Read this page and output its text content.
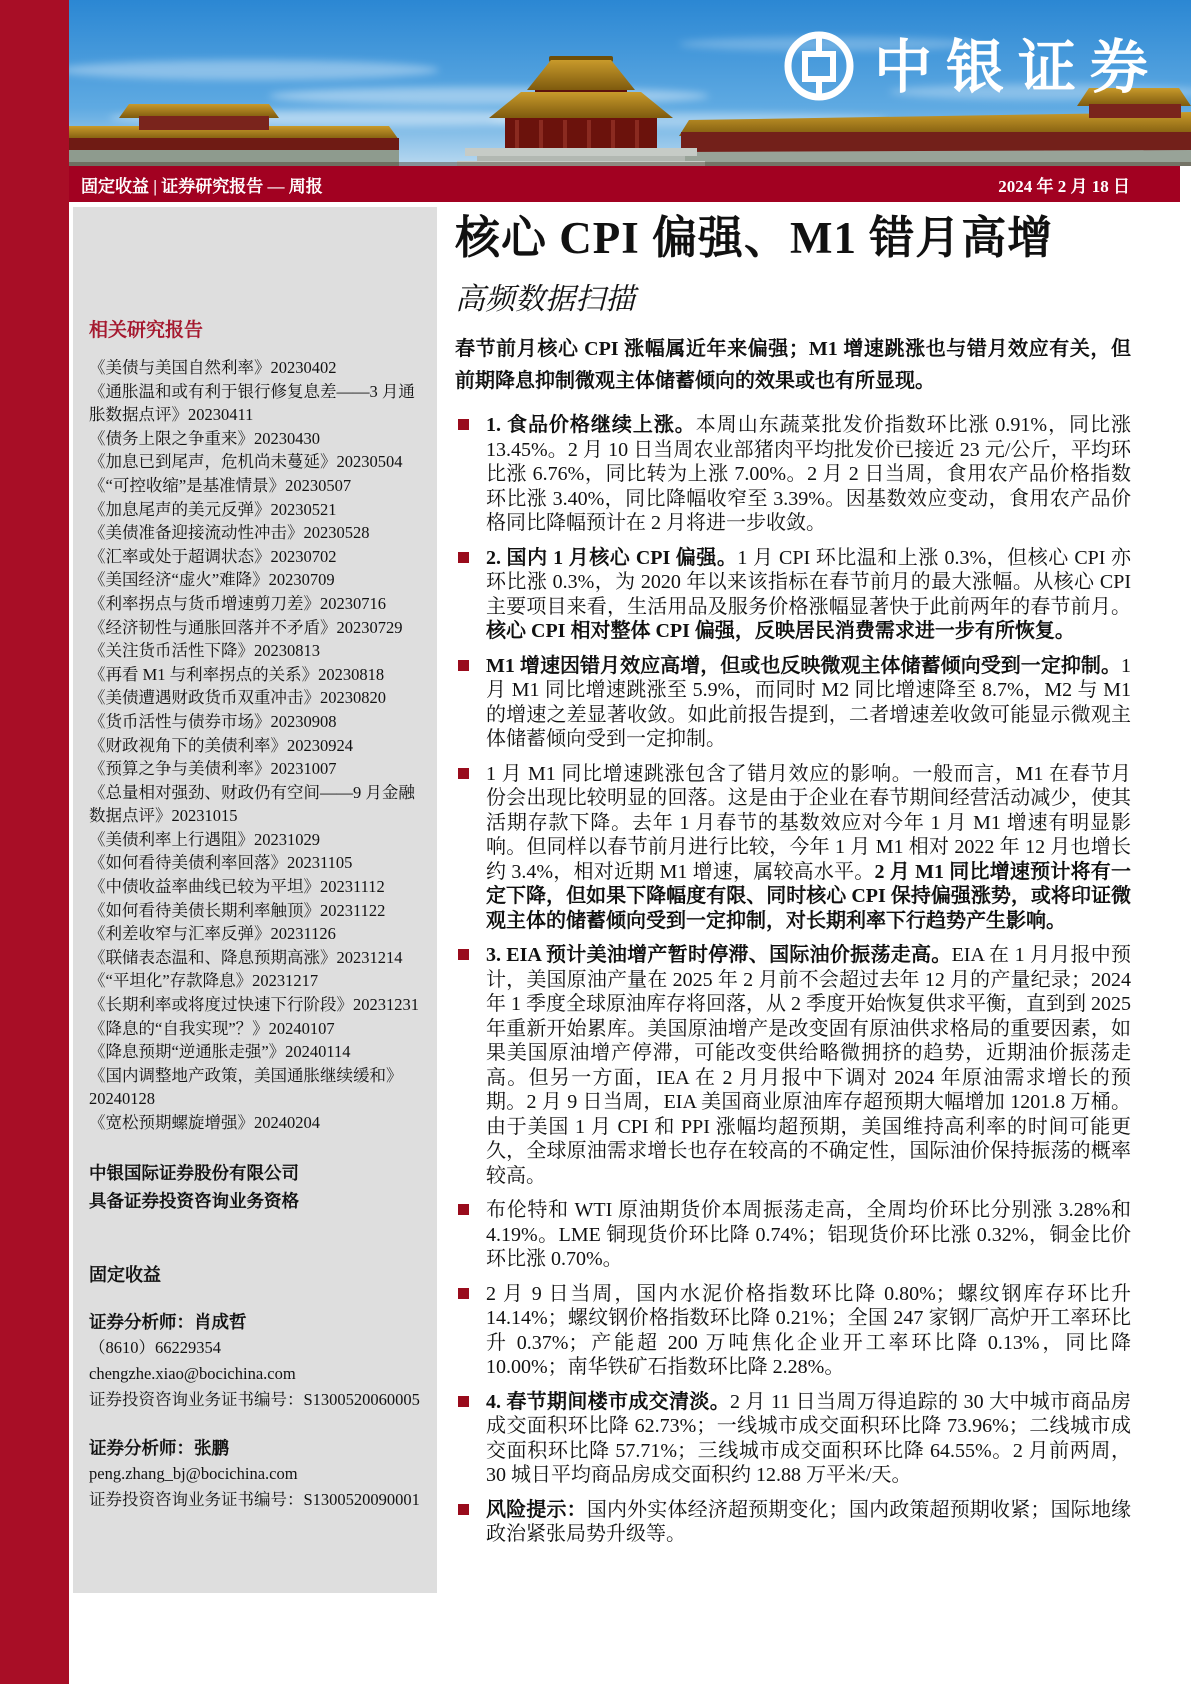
中银证券
固定收益 | 证券研究报告 — 周报	2024 年 2 月 18 日
相关研究报告
《美债与美国自然利率》20230402
《通胀温和或有利于银行修复息差——3 月通胀数据点评》20230411
《债务上限之争重来》20230430
《加息已到尾声，危机尚未蔓延》20230504
《“可控收缩”是基准情景》20230507
《加息尾声的美元反弹》20230521
《美债准备迎接流动性冲击》20230528
《汇率或处于超调状态》20230702
《美国经济“虚火”难降》20230709
《利率拐点与货币增速剪刀差》20230716
《经济韧性与通胀回落并不矛盾》20230729
《关注货币活性下降》20230813
《再看 M1 与利率拐点的关系》20230818
《美债遭遇财政货币双重冲击》20230820
《货币活性与债券市场》20230908
《财政视角下的美债利率》20230924
《预算之争与美债利率》20231007
《总量相对强劲、财政仍有空间——9 月金融数据点评》20231015
《美债利率上行遇阻》20231029
《如何看待美债利率回落》20231105
《中债收益率曲线已较为平坦》20231112
《如何看待美债长期利率触顶》20231122
《利差收窄与汇率反弹》20231126
《联储表态温和、降息预期高涨》20231214
《“平坦化”存款降息》20231217
《长期利率或将度过快速下行阶段》20231231
《降息的“自我实现”？》20240107
《降息预期“逆通胀走强”》20240114
《国内调整地产政策，美国通胀继续缓和》20240128
《宽松预期螺旋增强》20240204
中银国际证券股份有限公司
具备证券投资咨询业务资格
固定收益
证券分析师：肖成哲
（8610）66229354
chengzhe.xiao@bocichina.com
证券投资咨询业务证书编号：S1300520060005
证券分析师：张鹏
peng.zhang_bj@bocichina.com
证券投资咨询业务证书编号：S1300520090001
核心 CPI 偏强、M1 错月高增
高频数据扫描
春节前月核心 CPI 涨幅属近年来偏强；M1 增速跳涨也与错月效应有关，但前期降息抑制微观主体储蓄倾向的效果或也有所显现。
1. 食品价格继续上涨。本周山东蔬菜批发价指数环比涨 0.91%，同比涨 13.45%。2 月 10 日当周农业部猪肉平均批发价已接近 23 元/公斤，平均环比涨 6.76%，同比转为上涨 7.00%。2 月 2 日当周，食用农产品价格指数环比涨 3.40%，同比降幅收窄至 3.39%。因基数效应变动，食用农产品价格同比降幅预计在 2 月将进一步收敛。
2. 国内 1 月核心 CPI 偏强。1 月 CPI 环比温和上涨 0.3%，但核心 CPI 亦环比涨 0.3%，为 2020 年以来该指标在春节前月的最大涨幅。从核心 CPI 主要项目来看，生活用品及服务价格涨幅显著快于此前两年的春节前月。核心 CPI 相对整体 CPI 偏强，反映居民消费需求进一步有所恢复。
M1 增速因错月效应高增，但或也反映微观主体储蓄倾向受到一定抑制。1 月 M1 同比增速跳涨至 5.9%，而同时 M2 同比增速降至 8.7%，M2 与 M1 的增速之差显著收敛。如此前报告提到，二者增速差收敛可能显示微观主体储蓄倾向受到一定抑制。
1 月 M1 同比增速跳涨包含了错月效应的影响。一般而言，M1 在春节月份会出现比较明显的回落。这是由于企业在春节期间经营活动减少，使其活期存款下降。去年 1 月春节的基数效应对今年 1 月 M1 增速有明显影响。但同样以春节前月进行比较，今年 1 月 M1 相对 2022 年 12 月也增长约 3.4%，相对近期 M1 增速，属较高水平。2 月 M1 同比增速预计将有一定下降，但如果下降幅度有限、同时核心 CPI 保持偏强涨势，或将印证微观主体的储蓄倾向受到一定抑制，对长期利率下行趋势产生影响。
3. EIA 预计美油增产暂时停滞、国际油价振荡走高。EIA 在 1 月月报中预计，美国原油产量在 2025 年 2 月前不会超过去年 12 月的产量纪录；2024 年 1 季度全球原油库存将回落，从 2 季度开始恢复供求平衡，直到到 2025 年重新开始累库。美国原油增产是改变固有原油供求格局的重要因素，如果美国原油增产停滞，可能改变供给略微拥挤的趋势，近期油价振荡走高。但另一方面，IEA 在 2 月月报中下调对 2024 年原油需求增长的预期。2 月 9 日当周，EIA 美国商业原油库存超预期大幅增加 1201.8 万桶。由于美国 1 月 CPI 和 PPI 涨幅均超预期，美国维持高利率的时间可能更久，全球原油需求增长也存在较高的不确定性，国际油价保持振荡的概率较高。
布伦特和 WTI 原油期货价本周振荡走高，全周均价环比分别涨 3.28%和 4.19%。LME 铜现货价环比降 0.74%；铝现货价环比涨 0.32%，铜金比价环比涨 0.70%。
2 月 9 日当周，国内水泥价格指数环比降 0.80%；螺纹钢库存环比升 14.14%；螺纹钢价格指数环比降 0.21%；全国 247 家钢厂高炉开工率环比升 0.37%；产能超 200 万吨焦化企业开工率环比降 0.13%，同比降 10.00%；南华铁矿石指数环比降 2.28%。
4. 春节期间楼市成交清淡。2 月 11 日当周万得追踪的 30 大中城市商品房成交面积环比降 62.73%；一线城市成交面积环比降 73.96%；二线城市成交面积环比降 57.71%；三线城市成交面积环比降 64.55%。2 月前两周，30 城日平均商品房成交面积约 12.88 万平米/天。
风险提示：国内外实体经济超预期变化；国内政策超预期收紧；国际地缘政治紧张局势升级等。
